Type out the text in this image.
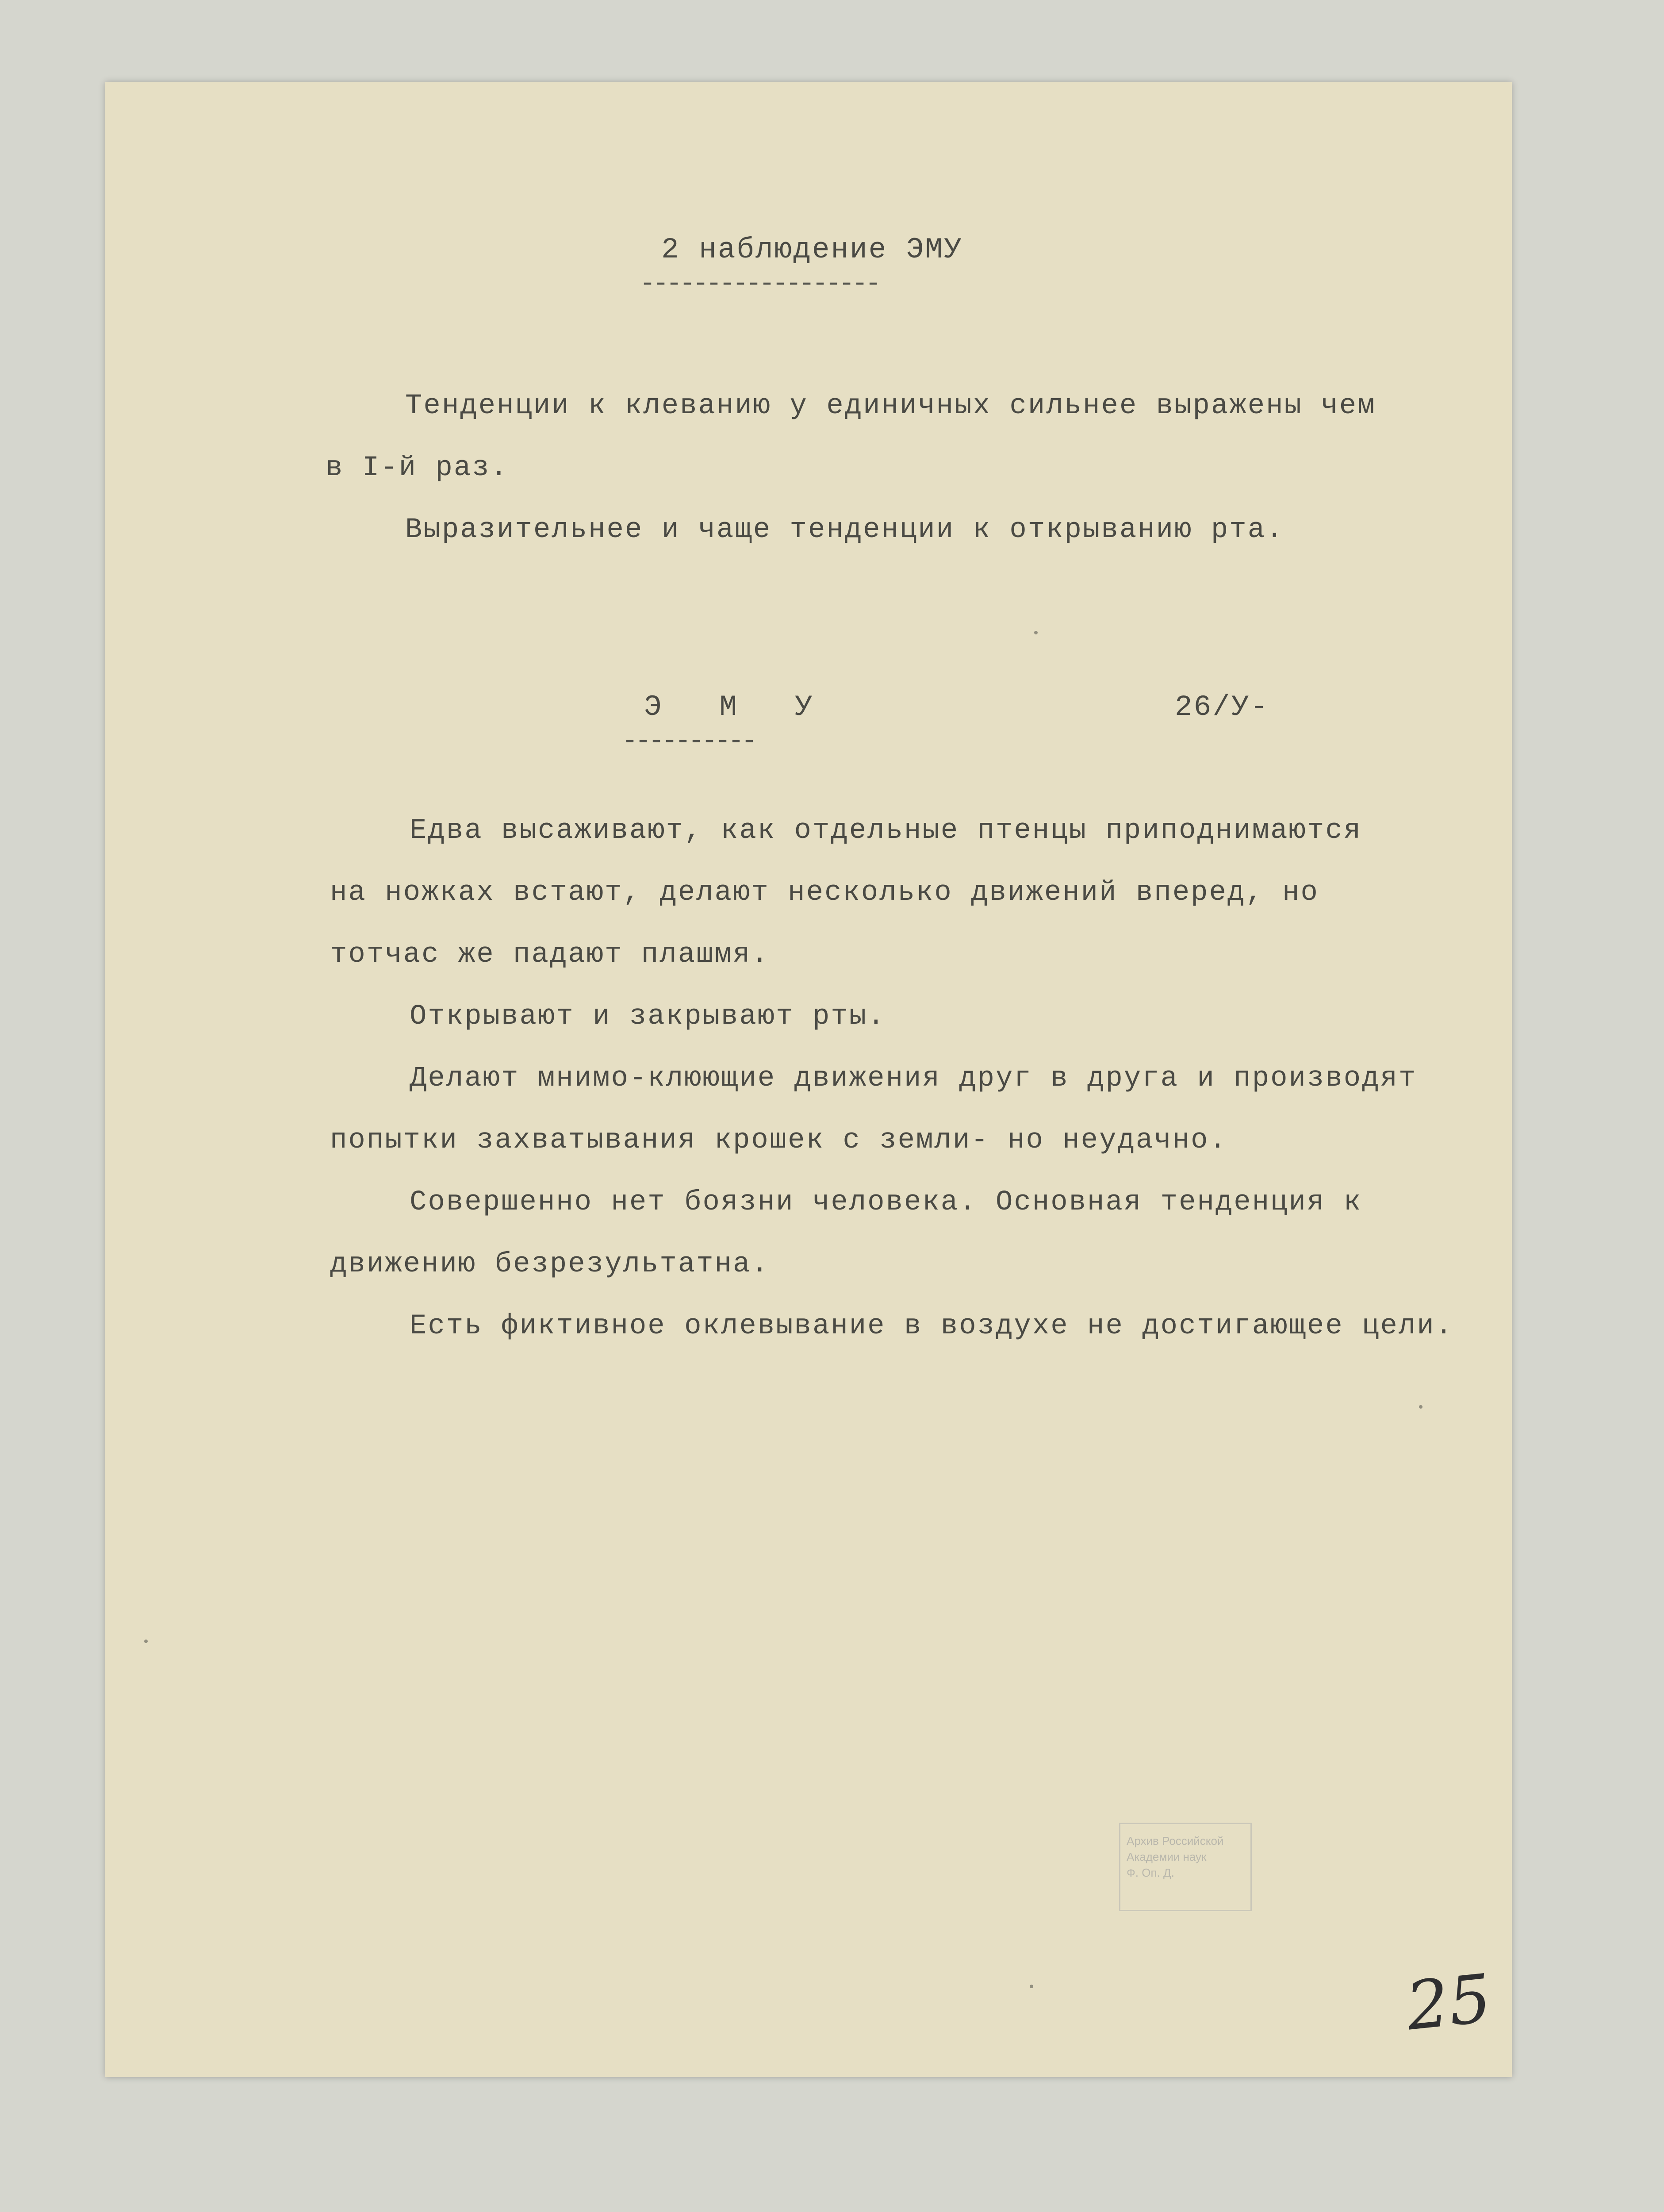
2 наблюдение ЭМУ
------------------
Тенденции к клеванию у единичных сильнее выражены чем
в I-й раз.
Выразительнее и чаще тенденции к открыванию рта.
Э   М   У	26/У-
----------
Едва высаживают, как отдельные птенцы приподнимаются
на ножках встают, делают несколько движений вперед, но
тотчас же падают плашмя.
Открывают и закрывают рты.
Делают мнимо-клюющие движения друг в друга и производят
попытки захватывания крошек с земли- но неудачно.
Совершенно нет боязни человека. Основная тенденция к
движению безрезультатна.
Есть фиктивное оклевывание в воздухе не достигающее цели.
Архив Российской
Академии наук
Ф. Оп. Д.
25
